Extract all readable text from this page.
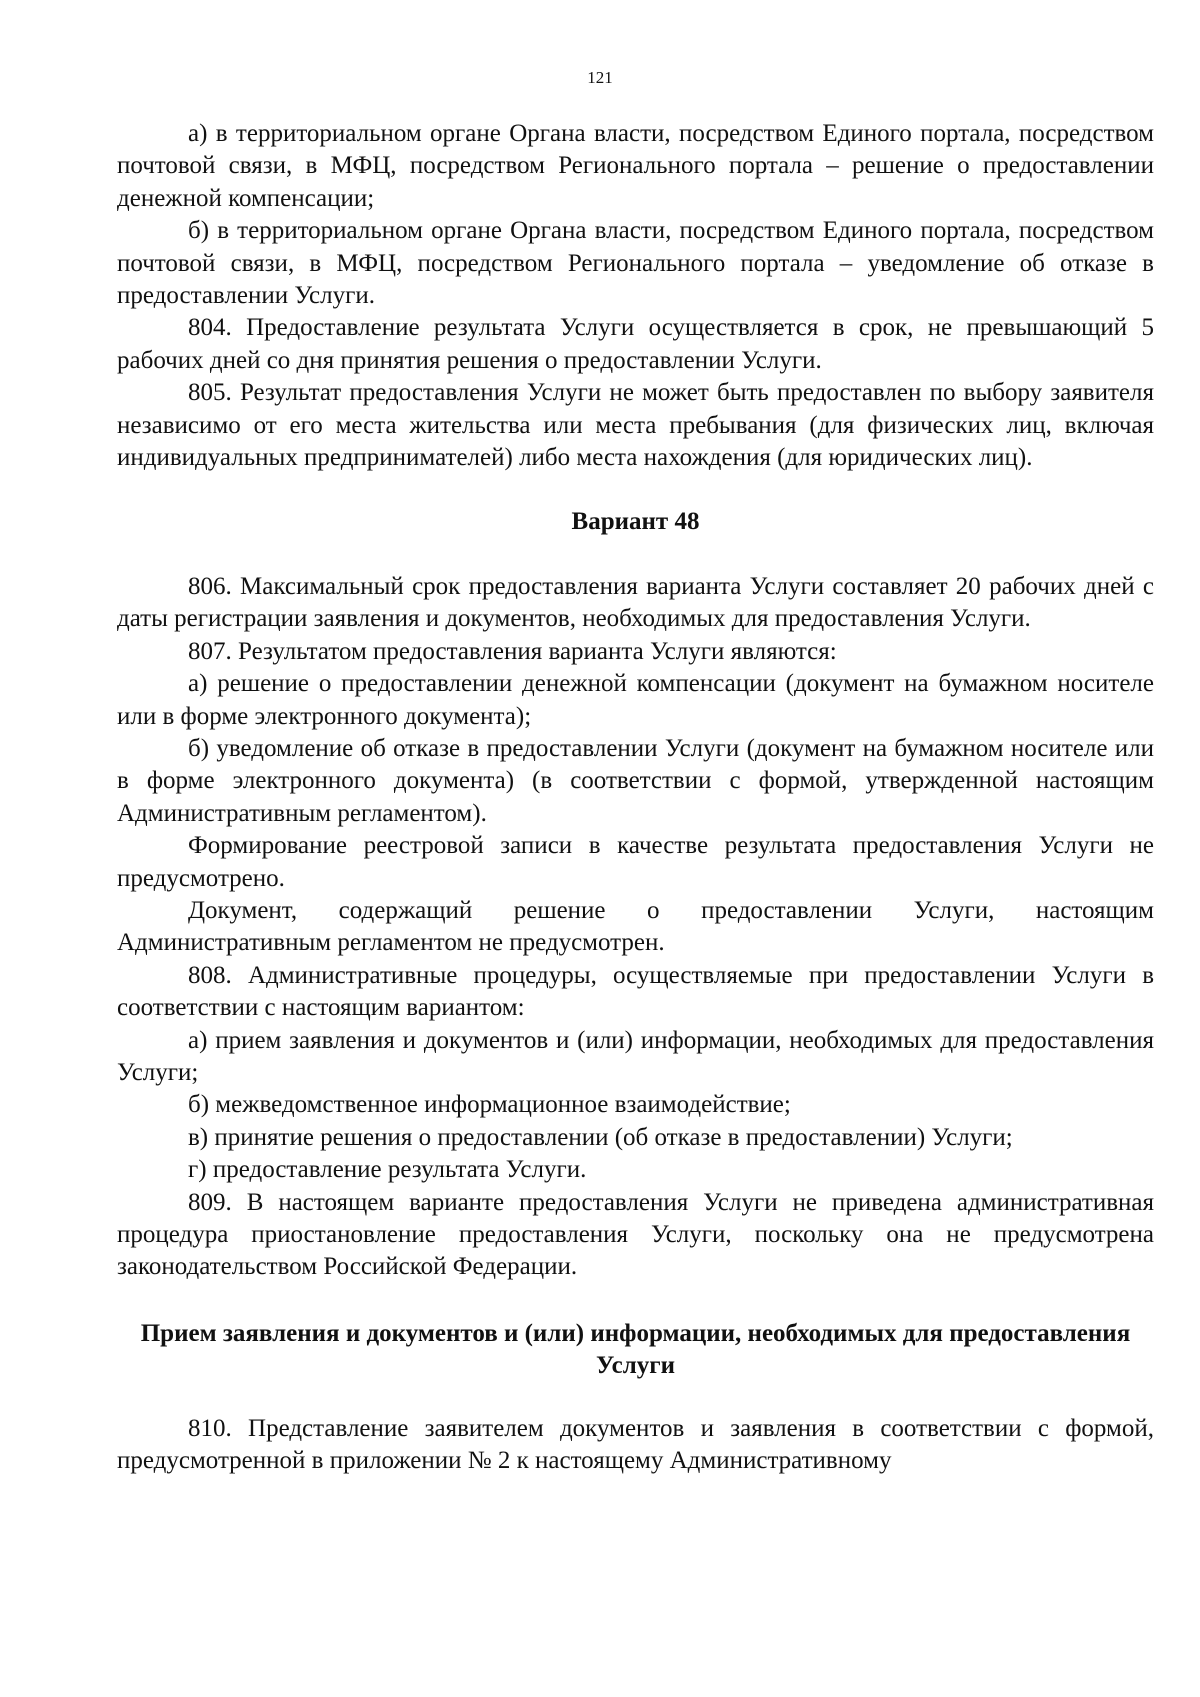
121

а) в территориальном органе Органа власти, посредством Единого портала, посредством почтовой связи, в МФЦ, посредством Регионального портала – решение о предоставлении денежной компенсации;

б) в территориальном органе Органа власти, посредством Единого портала, посредством почтовой связи, в МФЦ, посредством Регионального портала – уведомление об отказе в предоставлении Услуги.

804. Предоставление результата Услуги осуществляется в срок, не превышающий 5 рабочих дней со дня принятия решения о предоставлении Услуги.

805. Результат предоставления Услуги не может быть предоставлен по выбору заявителя независимо от его места жительства или места пребывания (для физических лиц, включая индивидуальных предпринимателей) либо места нахождения (для юридических лиц).

Вариант 48

806. Максимальный срок предоставления варианта Услуги составляет 20 рабочих дней с даты регистрации заявления и документов, необходимых для предоставления Услуги.

807. Результатом предоставления варианта Услуги являются:

а) решение о предоставлении денежной компенсации (документ на бумажном носителе или в форме электронного документа);

б) уведомление об отказе в предоставлении Услуги (документ на бумажном носителе или в форме электронного документа) (в соответствии с формой, утвержденной настоящим Административным регламентом).

Формирование реестровой записи в качестве результата предоставления Услуги не предусмотрено.

Документ, содержащий решение о предоставлении Услуги, настоящим Административным регламентом не предусмотрен.

808. Административные процедуры, осуществляемые при предоставлении Услуги в соответствии с настоящим вариантом:

а) прием заявления и документов и (или) информации, необходимых для предоставления Услуги;

б) межведомственное информационное взаимодействие;

в) принятие решения о предоставлении (об отказе в предоставлении) Услуги;

г) предоставление результата Услуги.

809. В настоящем варианте предоставления Услуги не приведена административная процедура приостановление предоставления Услуги, поскольку она не предусмотрена законодательством Российской Федерации.

Прием заявления и документов и (или) информации, необходимых для предоставления Услуги

810. Представление заявителем документов и заявления в соответствии с формой, предусмотренной в приложении № 2 к настоящему Административному
